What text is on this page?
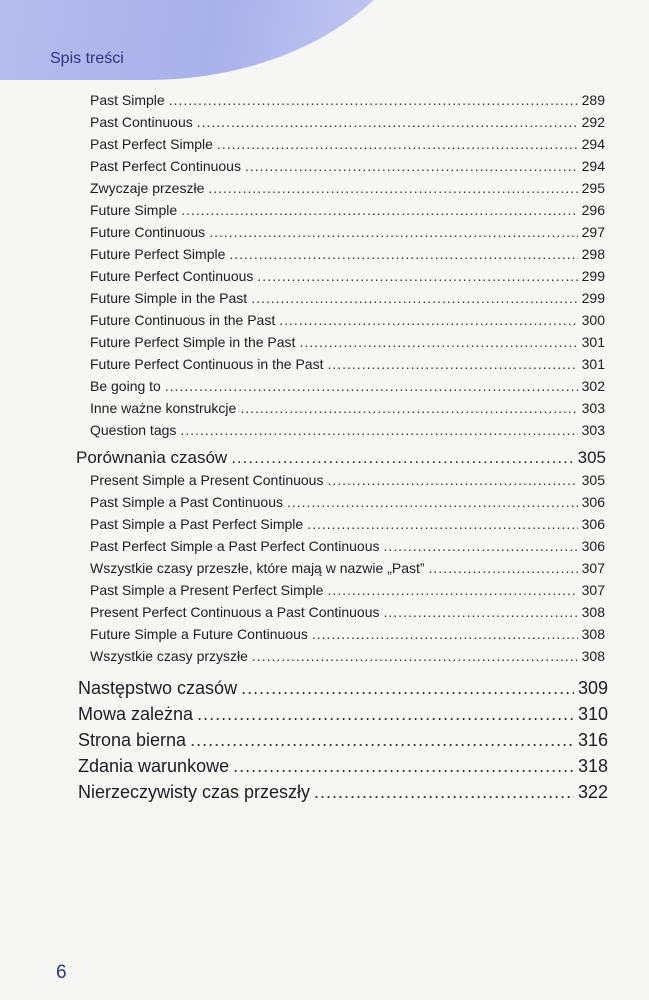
Spis treści
Past Simple .....	289
Past Continuous .....	292
Past Perfect Simple .....	294
Past Perfect Continuous .....	294
Zwyczaje przeszłe .....	295
Future Simple .....	296
Future Continuous .....	297
Future Perfect Simple .....	298
Future Perfect Continuous .....	299
Future Simple in the Past .....	299
Future Continuous in the Past .....	300
Future Perfect Simple in the Past .....	301
Future Perfect Continuous in the Past .....	301
Be going to .....	302
Inne ważne konstrukcje .....	303
Question tags .....	303
Porównania czasów .....	305
Present Simple a Present Continuous .....	305
Past Simple a Past Continuous .....	306
Past Simple a Past Perfect Simple .....	306
Past Perfect Simple a Past Perfect Continuous .....	306
Wszystkie czasy przeszłe, które mają w nazwie „Past” .....	307
Past Simple a Present Perfect Simple .....	307
Present Perfect Continuous a Past Continuous .....	308
Future Simple a Future Continuous .....	308
Wszystkie czasy przyszłe .....	308
Następstwo czasów .....	309
Mowa zależna .....	310
Strona bierna .....	316
Zdania warunkowe .....	318
Nierzeczywisty czas przeszły .....	322
6
